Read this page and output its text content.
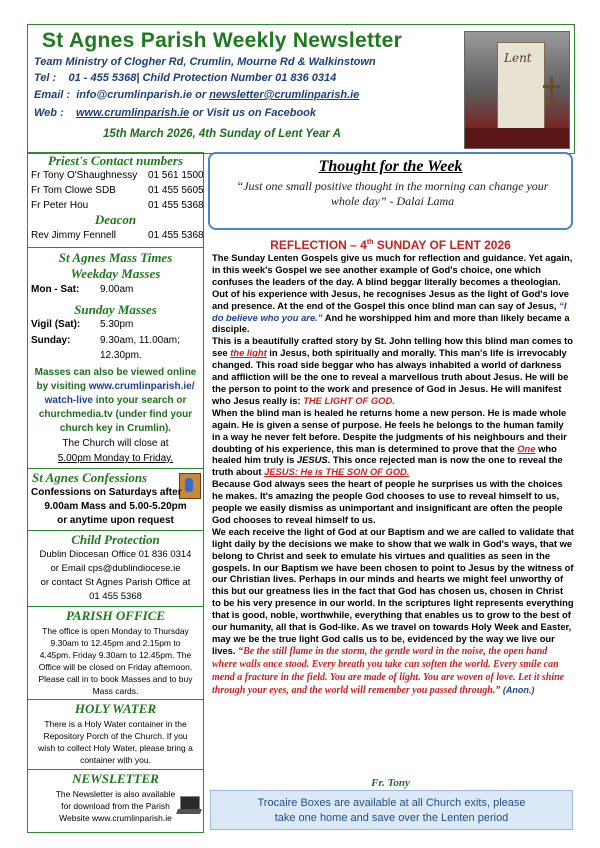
St Agnes Parish Weekly Newsletter
Team Ministry of Clogher Rd, Crumlin, Mourne Rd & Walkinstown
Tel : 01 - 455 5368| Child Protection Number 01 836 0314
Email : info@crumlinparish.ie or newsletter@crumlinparish.ie
Web : www.crumlinparish.ie or Visit us on Facebook
15th March 2026, 4th Sunday of Lent Year A
Lent
Priest's Contact numbers
Fr Tony O'Shaughnessy 01 561 1500
Fr Tom Clowe SDB	01 455 5605
Fr Peter Hou	01 455 5368
Deacon
Rev Jimmy Fennell	01 455 5368
St Agnes Mass Times
Weekday Masses
Mon - Sat: 9.00am
Sunday Masses
Vigil (Sat): 5.30pm
Sunday:	9.30am, 11.00am;
12.30pm.
Masses can also be viewed online
by visiting www.crumlinparish.ie/
watch-live into your search or
churchmedia.tv (under find your
church key in Crumlin).
The Church will close at
5.00pm Monday to Friday.
St Agnes Confessions
Confessions on Saturdays after
9.00am Mass and 5.00-5.20pm
or anytime upon request
Child Protection
Dublin Diocesan Office 01 836 0314
or Email cps@dublindiocese.ie
or contact St Agnes Parish Office at
01 455 5368
PARISH OFFICE
The office is open Monday to Thursday
9.30am to 12.45pm and 2.15pm to
4.45pm. Friday 9.30am to 12.45pm. The
Office will be closed on Friday afternoon.
Please call in to book Masses and to buy
Mass cards.
HOLY WATER
There is a Holy Water container in the
Repository Porch of the Church. If you
wish to collect Holy Water, please bring a
container with you.
NEWSLETTER
The Newsletter is also available
for download from the Parish
Website www.crumlinparish.ie
Thought for the Week
“Just one small positive thought in the morning can change your whole day” - Dalai Lama
REFLECTION – 4th SUNDAY OF LENT 2026

The Sunday Lenten Gospels give us much for reflection and guidance. Yet again, in this week's Gospel we see another example of God's choice, one which confuses the leaders of the day. A blind beggar literally becomes a theologian. Out of his experience with Jesus, he recognises Jesus as the light of God's love and presence. At the end of the Gospel this once blind man can say of Jesus, “I do believe who you are.” And he worshipped him and more than likely became a disciple.

This is a beautifully crafted story by St. John telling how this blind man comes to see the light in Jesus, both spiritually and morally. This man's life is irrevocably changed. This road side beggar who has always inhabited a world of darkness and affliction will be the one to reveal a marvellous truth about Jesus. He will be the person to point to the work and presence of God in Jesus. He will manifest who Jesus really is: THE LIGHT OF GOD.

When the blind man is healed he returns home a new person. He is made whole again. He is given a sense of purpose. He feels he belongs to the human family in a way he never felt before. Despite the judgments of his neighbours and their doubting of his experience, this man is determined to prove that the One who healed him truly is JESUS. This once rejected man is now the one to reveal the truth about JESUS: He is THE SON OF GOD.

Because God always sees the heart of people he surprises us with the choices he makes. It's amazing the people God chooses to use to reveal himself to us, people we easily dismiss as unimportant and insignificant are often the people God chooses to reveal himself to us.

We each receive the light of God at our Baptism and we are called to validate that light daily by the decisions we make to show that we walk in God's ways, that we belong to Christ and seek to emulate his virtues and qualities as seen in the gospels. In our Baptism we have been chosen to point to Jesus by the witness of our Christian lives. Perhaps in our minds and hearts we might feel unworthy of this but our greatness lies in the fact that God has chosen us, chosen in Christ to be his very presence in our world. In the scriptures light represents everything that is good, noble, worthwhile, everything that enables us to grow to the best of our humanity, all that is God-like. As we travel on towards Holy Week and Easter, may we be the true light God calls us to be, evidenced by the way we live our lives. “Be the still flame in the storm, the gentle word in the noise, the open hand where walls once stood. Every breath you take can soften the world. Every smile can mend a fracture in the field. You are made of light. You are woven of love. Let it shine through your eyes, and the world will remember you passed through.” (Anon.)

Fr. Tony
Trocaire Boxes are available at all Church exits, please
take one home and save over the Lenten period
